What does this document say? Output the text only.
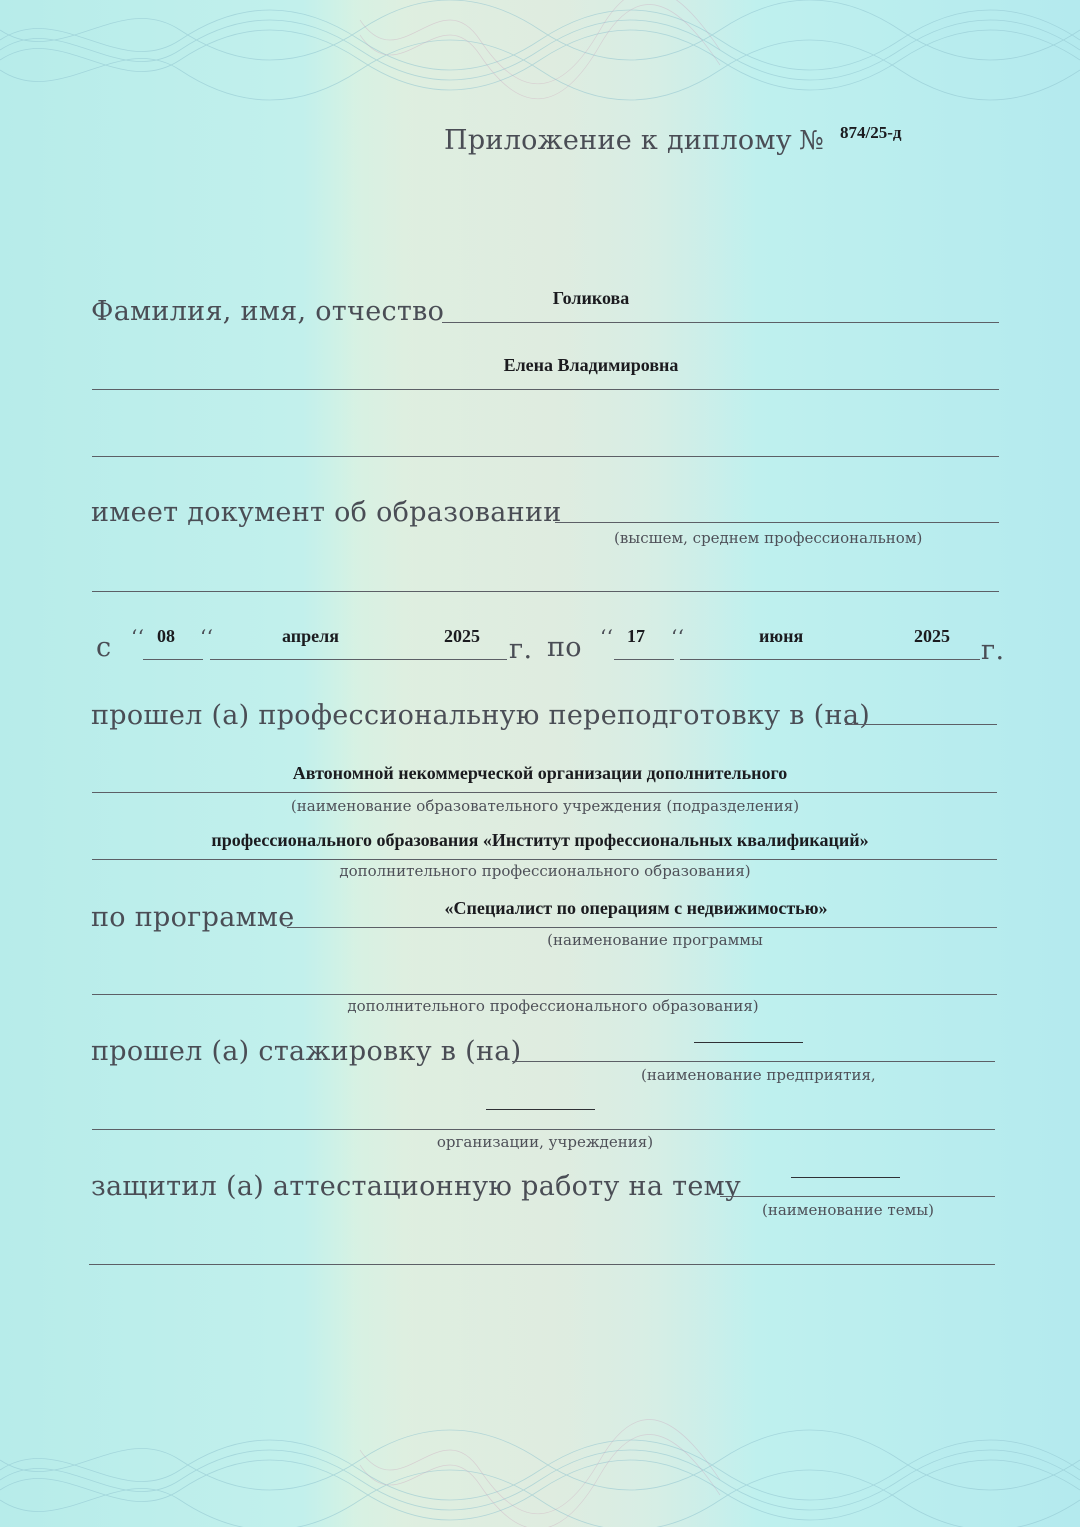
Приложение к диплому № 874/25-д
Фамилия, имя, отчество	Голикова
Елена Владимировна
имеет документ об образовании
(высшем, среднем профессиональном)
с ‘‘ 08 ‘‘	апреля	2025 г. по ‘‘ 17 ‘‘	июня	2025 г.
прошел (а) профессиональную переподготовку в (на)
Автономной некоммерческой организации дополнительного
(наименование образовательного учреждения (подразделения)
профессионального образования «Институт профессиональных квалификаций»
дополнительного профессионального образования)
по программе	«Специалист по операциям с недвижимостью»
(наименование программы
дополнительного профессионального образования)
прошел (а) стажировку в (на)
(наименование предприятия,
организации, учреждения)
защитил (а) аттестационную работу на тему
(наименование темы)
